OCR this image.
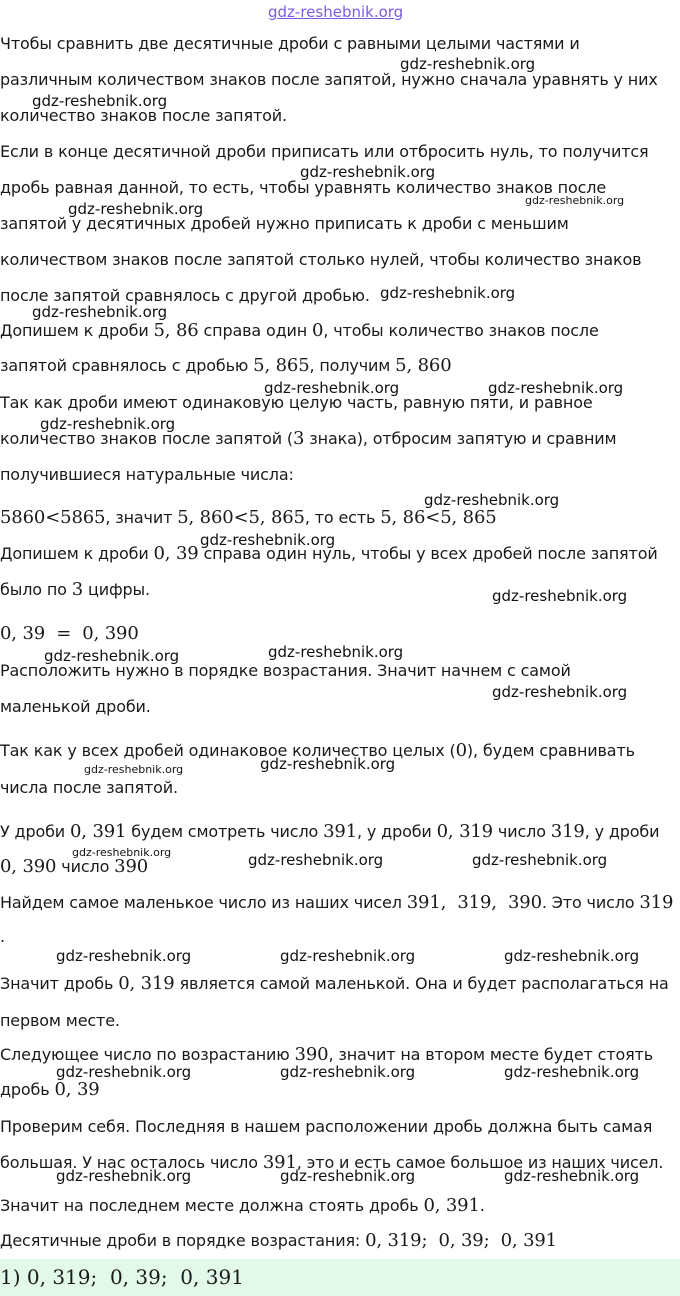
gdz-reshebnik.org
Чтобы сравнить две десятичные дроби с равными целыми частями и
различным количеством знаков после запятой, нужно сначала уравнять у них
количество знаков после запятой.
Если в конце десятичной дроби приписать или отбросить нуль, то получится
дробь равная данной, то есть, чтобы уравнять количество знаков после
запятой у десятичных дробей нужно приписать к дроби с меньшим
количеством знаков после запятой столько нулей, чтобы количество знаков
после запятой сравнялось с другой дробью.
Допишем к дроби 5, 86 справа один 0, чтобы количество знаков после
запятой сравнялось с дробью 5, 865, получим 5, 860
Так как дроби имеют одинаковую целую часть, равную пяти, и равное
количество знаков после запятой (3 знака), отбросим запятую и сравним
получившиеся натуральные числа:
5860<5865, значит 5, 860<5, 865, то есть 5, 86<5, 865
Допишем к дроби 0, 39 справа один нуль, чтобы у всех дробей после запятой
было по 3 цифры.
0, 39  =  0, 390
Расположить нужно в порядке возрастания. Значит начнем с самой
маленькой дроби.
Так как у всех дробей одинаковое количество целых (0), будем сравнивать
числа после запятой.
У дроби 0, 391 будем смотреть число 391, у дроби 0, 319 число 319, у дроби
0, 390 число 390
Найдем самое маленькое число из наших чисел 391,  319,  390. Это число 319
.
Значит дробь 0, 319 является самой маленькой. Она и будет располагаться на
первом месте.
Следующее число по возрастанию 390, значит на втором месте будет стоять
дробь 0, 39
Проверим себя. Последняя в нашем расположении дробь должна быть самая
большая. У нас осталось число 391, это и есть самое большое из наших чисел.
Значит на последнем месте должна стоять дробь 0, 391.
Десятичные дроби в порядке возрастания: 0, 319;  0, 39;  0, 391
1) 0, 319;  0, 39;  0, 391
gdz-reshebnik.org
gdz-reshebnik.org
gdz-reshebnik.org
gdz-reshebnik.org
gdz-reshebnik.org
gdz-reshebnik.org
gdz-reshebnik.org
gdz-reshebnik.org	gdz-reshebnik.org
gdz-reshebnik.org
gdz-reshebnik.org
gdz-reshebnik.org
gdz-reshebnik.org
gdz-reshebnik.org
gdz-reshebnik.org
gdz-reshebnik.org
gdz-reshebnik.org	gdz-reshebnik.org
gdz-reshebnik.org	gdz-reshebnik.org	gdz-reshebnik.org
gdz-reshebnik.org	gdz-reshebnik.org	gdz-reshebnik.org
gdz-reshebnik.org	gdz-reshebnik.org	gdz-reshebnik.org
gdz-reshebnik.org	gdz-reshebnik.org	gdz-reshebnik.org
